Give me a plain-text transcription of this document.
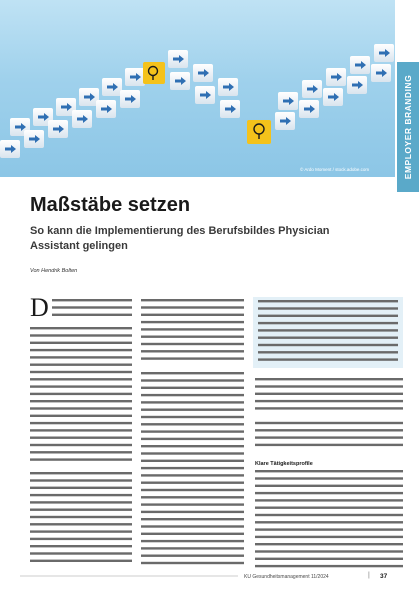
© Ardo Moment / stock.adobe.com	EMPLOYER BRANDING
Maßstäbe setzen
So kann die Implementierung des Berufsbildes Physician Assistant gelingen
Von Hendrik Bolten
D
Klare Tätigkeitsprofile
KU Gesundheitsmanagement 11/2024	| 37
